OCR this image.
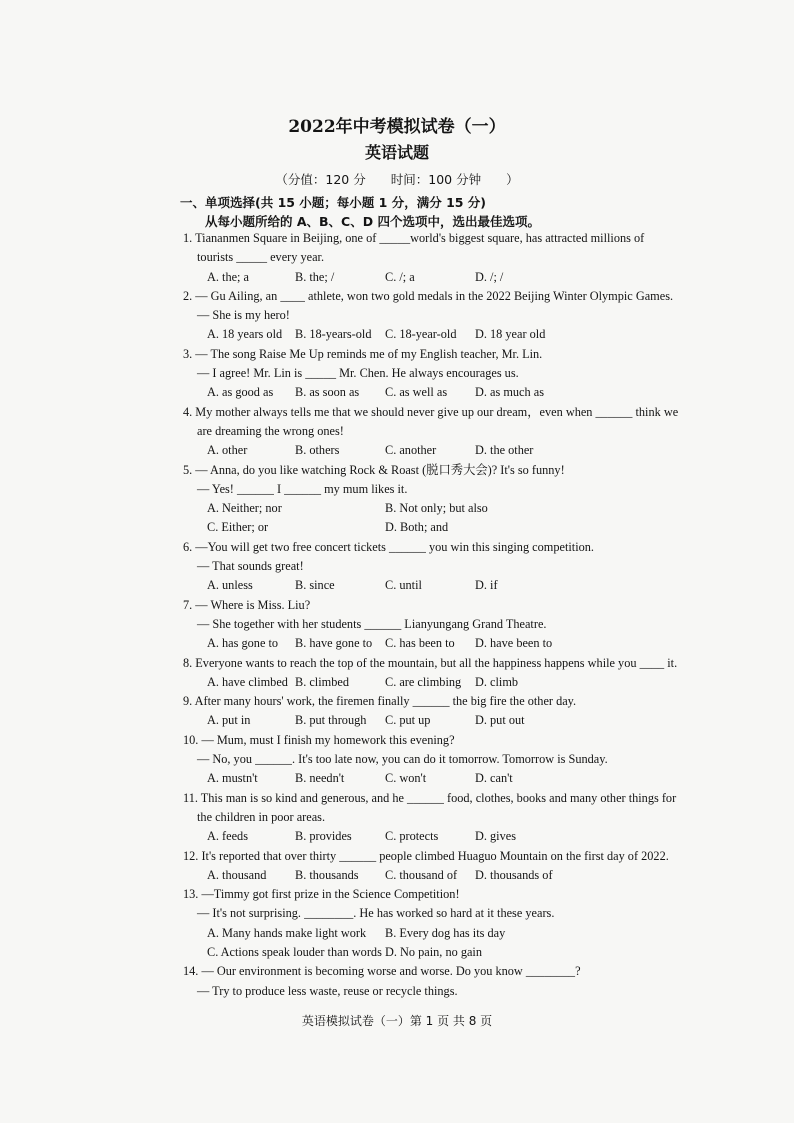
2022年中考模拟试卷（一）
英语试题
（分值：120 分　　时间：100 分钟　　）
一、单项选择(共 15 小题；每小题 1 分，满分 15 分)
从每小题所给的 A、B、C、D 四个选项中，选出最佳选项。
1. Tiananmen Square in Beijing, one of _____world's biggest square, has attracted millions of
tourists _____ every year.
A. the; a	B. the; /	C. /; a	D. /; /
2. — Gu Ailing, an ____ athlete, won two gold medals in the 2022 Beijing Winter Olympic Games.
— She is my hero!
A. 18 years old	B. 18-years-old	C. 18-year-old	D. 18 year old
3. — The song Raise Me Up reminds me of my English teacher, Mr. Lin.
— I agree! Mr. Lin is _____ Mr. Chen. He always encourages us.
A. as good as	B. as soon as	C. as well as	D. as much as
4. My mother always tells me that we should never give up our dream，even when ______ think we
are dreaming the wrong ones!
A. other	B. others	C. another	D. the other
5. — Anna, do you like watching Rock & Roast (脱口秀大会)? It's so funny!
— Yes! ______ I ______ my mum likes it.
A. Neither; nor	B. Not only; but also
C. Either; or	D. Both; and
6. —You will get two free concert tickets ______ you win this singing competition.
— That sounds great!
A. unless	B. since	C. until	D. if
7. — Where is Miss. Liu?
— She together with her students ______ Lianyungang Grand Theatre.
A. has gone to	B. have gone to	C. has been to	D. have been to
8. Everyone wants to reach the top of the mountain, but all the happiness happens while you ____ it.
A. have climbed B. climbed	C. are climbing	D. climb
9. After many hours' work, the firemen finally ______ the big fire the other day.
A. put in	B. put through	C. put up	D. put out
10. — Mum, must I finish my homework this evening?
— No, you ______. It's too late now, you can do it tomorrow. Tomorrow is Sunday.
A. mustn't	B. needn't	C. won't	D. can't
11. This man is so kind and generous, and he ______ food, clothes, books and many other things for
the children in poor areas.
A. feeds	B. provides	C. protects	D. gives
12. It's reported that over thirty ______ people climbed Huaguo Mountain on the first day of 2022.
A. thousand	B. thousands	C. thousand of	D. thousands of
13. —Timmy got first prize in the Science Competition!
— It's not surprising. ________. He has worked so hard at it these years.
A. Many hands make light work	B. Every dog has its day
C. Actions speak louder than words D. No pain, no gain
14. — Our environment is becoming worse and worse. Do you know ________?
— Try to produce less waste, reuse or recycle things.
英语模拟试卷（一）第 1 页 共 8 页
